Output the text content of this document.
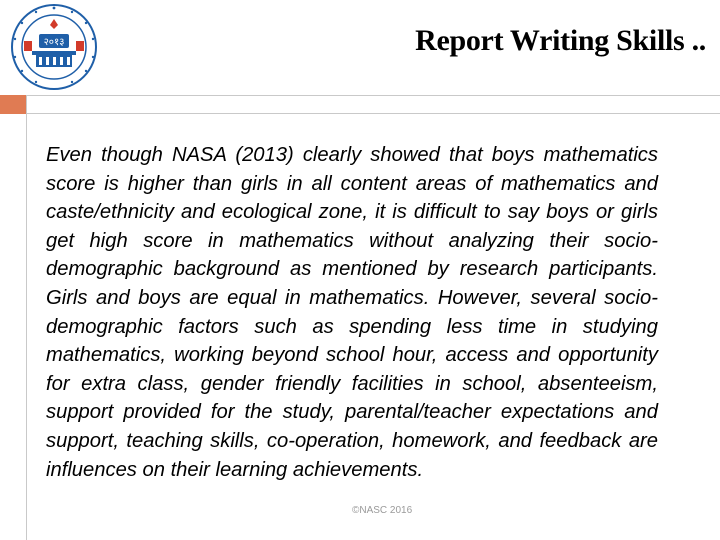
२०१३	Report Writing Skills ..

Even though NASA (2013) clearly showed that boys mathematics score is higher than girls in all content areas of mathematics and caste/ethnicity and ecological zone, it is difficult to say boys or girls get high score in mathematics without analyzing their socio-demographic background as mentioned by research participants. Girls and boys are equal in mathematics. However, several socio-demographic factors such as spending less time in studying mathematics, working beyond school hour, access and opportunity for extra class, gender friendly facilities in school, absenteeism, support provided for the study, parental/teacher expectations and support, teaching skills, co-operation, homework, and feedback are influences on their learning achievements.

©NASC 2016
